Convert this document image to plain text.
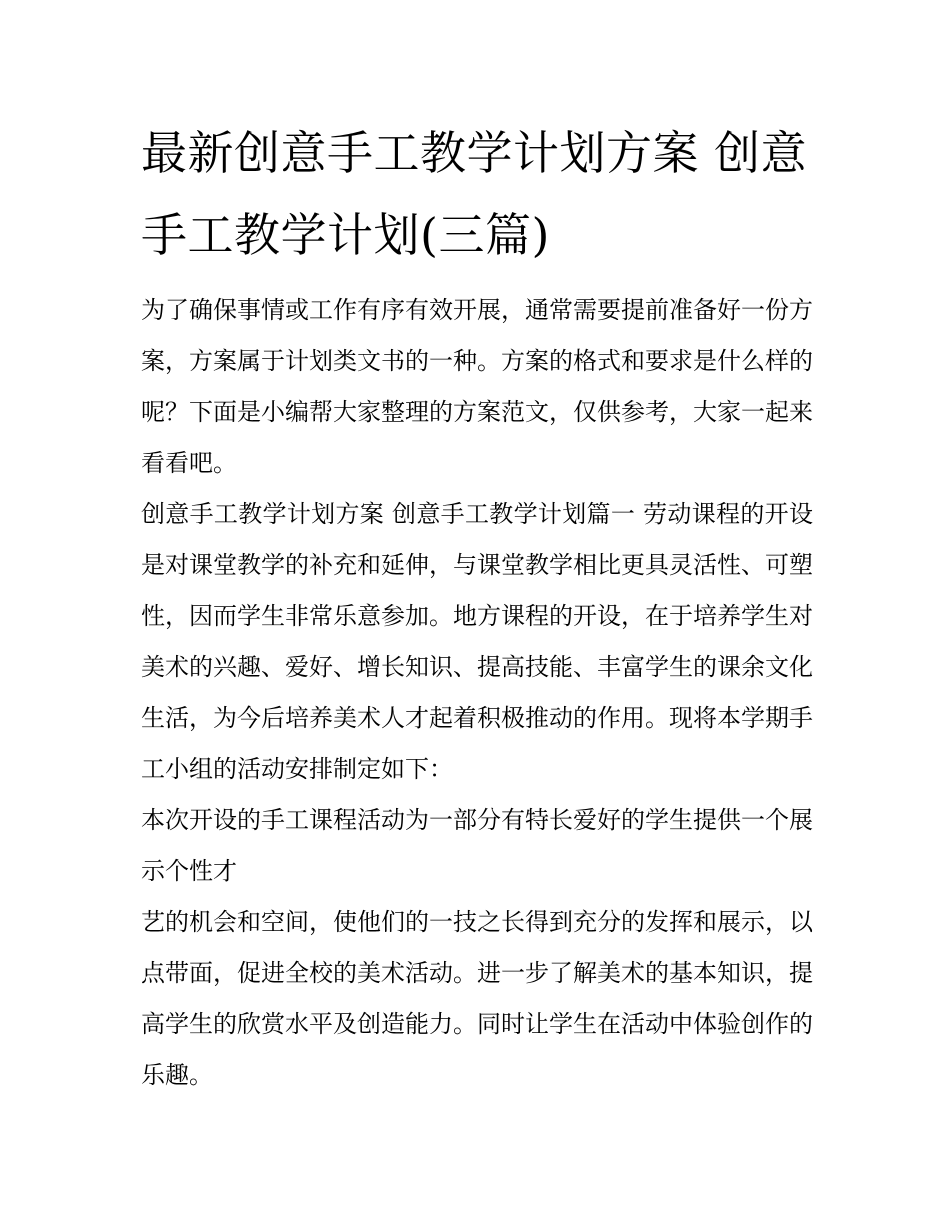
最新创意手工教学计划方案 创意手工教学计划(三篇)

为了确保事情或工作有序有效开展，通常需要提前准备好一份方案，方案属于计划类文书的一种。方案的格式和要求是什么样的呢？下面是小编帮大家整理的方案范文，仅供参考，大家一起来看看吧。

创意手工教学计划方案 创意手工教学计划篇一 劳动课程的开设是对课堂教学的补充和延伸，与课堂教学相比更具灵活性、可塑性，因而学生非常乐意参加。地方课程的开设，在于培养学生对美术的兴趣、爱好、增长知识、提高技能、丰富学生的课余文化生活，为今后培养美术人才起着积极推动的作用。现将本学期手工小组的活动安排制定如下：

本次开设的手工课程活动为一部分有特长爱好的学生提供一个展示个性才

艺的机会和空间，使他们的一技之长得到充分的发挥和展示，以点带面，促进全校的美术活动。进一步了解美术的基本知识，提高学生的欣赏水平及创造能力。同时让学生在活动中体验创作的乐趣。
